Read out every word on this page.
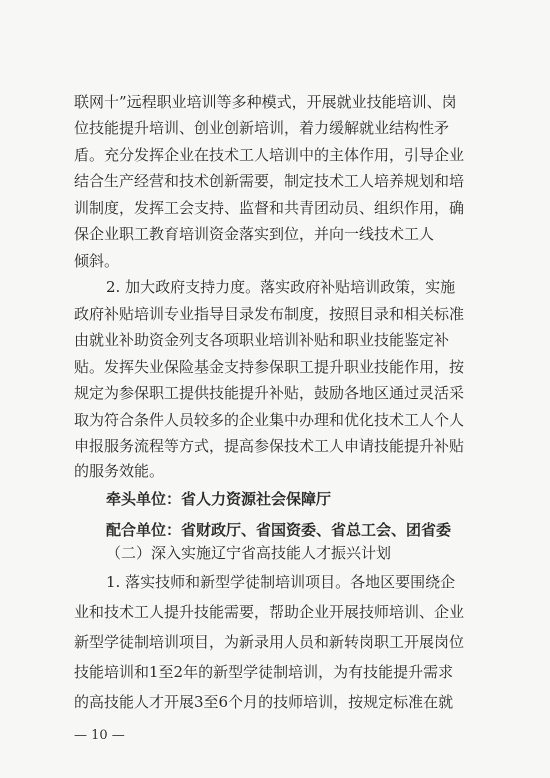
联网十”远程职业培训等多种模式，开展就业技能培训、岗
位技能提升培训、创业创新培训，着力缓解就业结构性矛
盾。充分发挥企业在技术工人培训中的主体作用，引导企业
结合生产经营和技术创新需要，制定技术工人培养规划和培
训制度，发挥工会支持、监督和共青团动员、组织作用，确
保企业职工教育培训资金落实到位，并向一线技术工人
倾斜。
2. 加大政府支持力度。落实政府补贴培训政策，实施
政府补贴培训专业指导目录发布制度，按照目录和相关标准
由就业补助资金列支各项职业培训补贴和职业技能鉴定补
贴。发挥失业保险基金支持参保职工提升职业技能作用，按
规定为参保职工提供技能提升补贴，鼓励各地区通过灵活采
取为符合条件人员较多的企业集中办理和优化技术工人个人
申报服务流程等方式，提高参保技术工人申请技能提升补贴
的服务效能。
牵头单位：省人力资源社会保障厅
配合单位：省财政厅、省国资委、省总工会、团省委
（二）深入实施辽宁省高技能人才振兴计划
1. 落实技师和新型学徒制培训项目。各地区要围绕企
业和技术工人提升技能需要，帮助企业开展技师培训、企业
新型学徒制培训项目，为新录用人员和新转岗职工开展岗位
技能培训和1至2年的新型学徒制培训，为有技能提升需求
的高技能人才开展3至6个月的技师培训，按规定标准在就
— 10 —
